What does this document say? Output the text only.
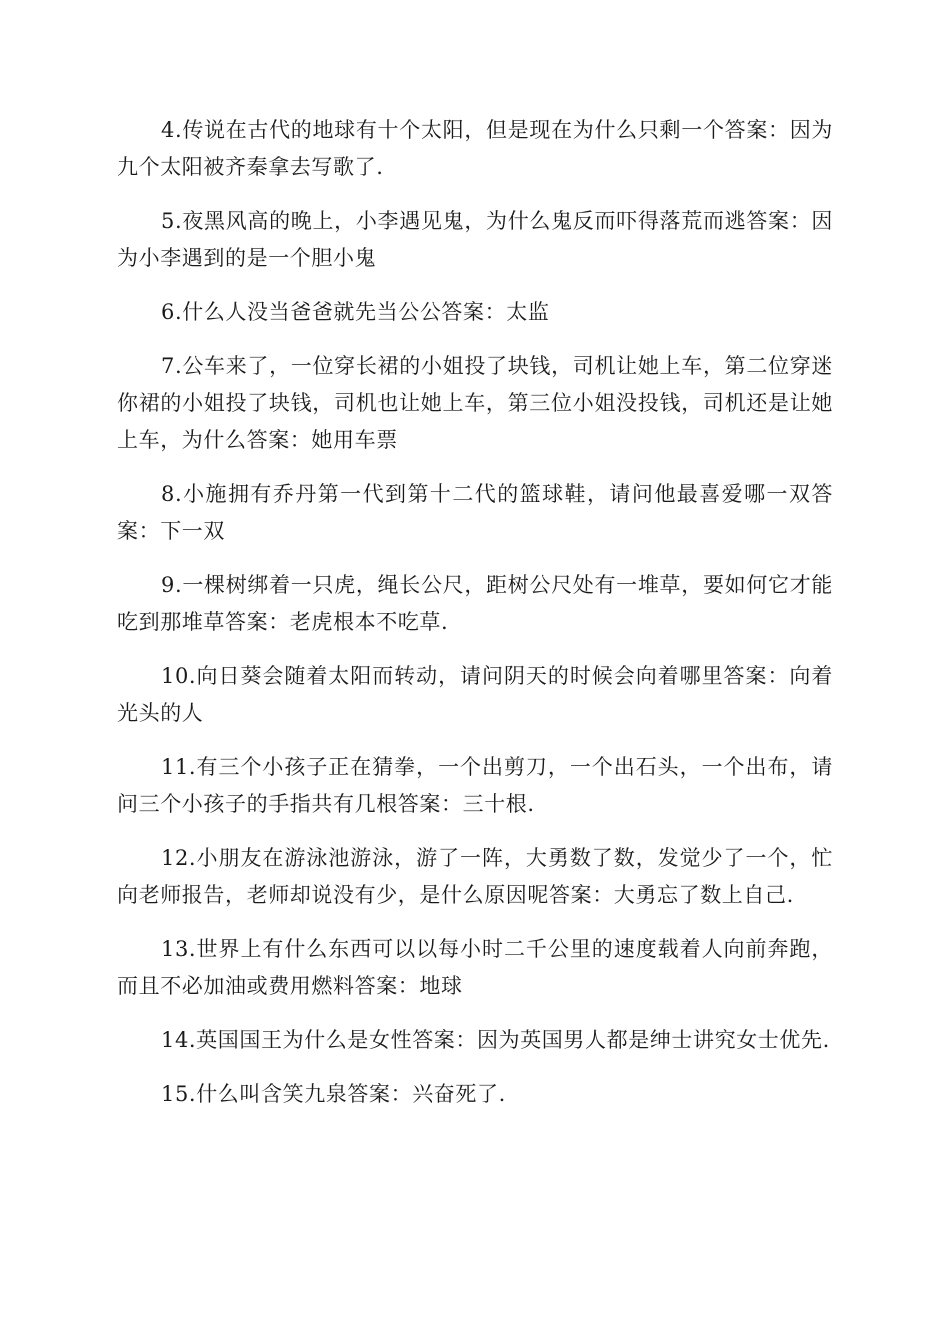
4.传说在古代的地球有十个太阳，但是现在为什么只剩一个答案：因为九个太阳被齐秦拿去写歌了.

5.夜黑风高的晚上，小李遇见鬼，为什么鬼反而吓得落荒而逃答案：因为小李遇到的是一个胆小鬼

6.什么人没当爸爸就先当公公答案：太监

7.公车来了，一位穿长裙的小姐投了块钱，司机让她上车，第二位穿迷你裙的小姐投了块钱，司机也让她上车，第三位小姐没投钱，司机还是让她上车，为什么答案：她用车票

8.小施拥有乔丹第一代到第十二代的篮球鞋，请问他最喜爱哪一双答案：下一双

9.一棵树绑着一只虎，绳长公尺，距树公尺处有一堆草，要如何它才能吃到那堆草答案：老虎根本不吃草.

10.向日葵会随着太阳而转动，请问阴天的时候会向着哪里答案：向着光头的人

11.有三个小孩子正在猜拳，一个出剪刀，一个出石头，一个出布，请问三个小孩子的手指共有几根答案：三十根.

12.小朋友在游泳池游泳，游了一阵，大勇数了数，发觉少了一个，忙向老师报告，老师却说没有少，是什么原因呢答案：大勇忘了数上自己.

13.世界上有什么东西可以以每小时二千公里的速度载着人向前奔跑，而且不必加油或费用燃料答案：地球

14.英国国王为什么是女性答案：因为英国男人都是绅士讲究女士优先.

15.什么叫含笑九泉答案：兴奋死了.
